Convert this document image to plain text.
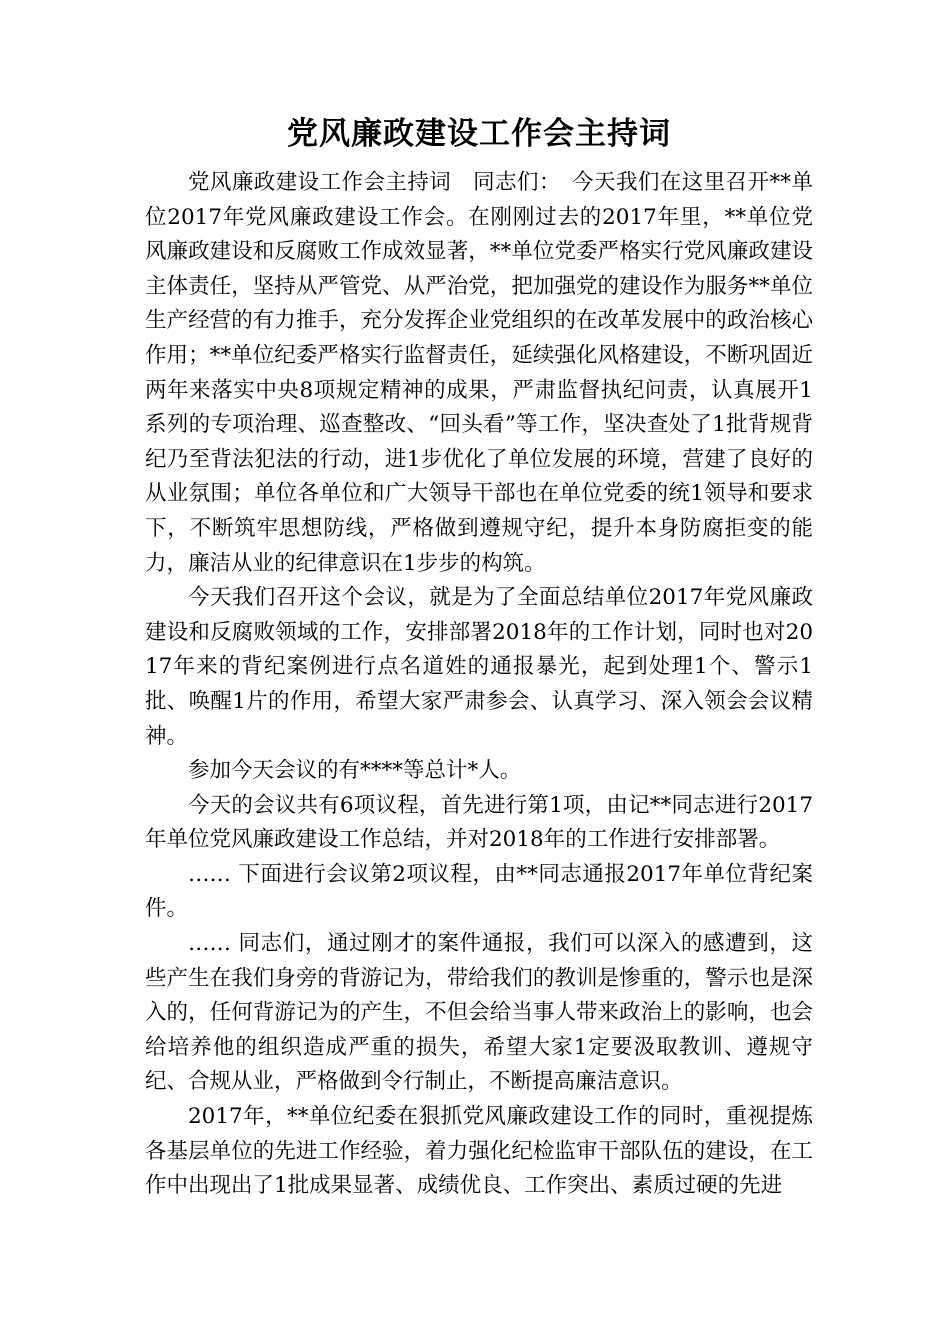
党风廉政建设工作会主持词

党风廉政建设工作会主持词　同志们：　今天我们在这里召开**单位2017年党风廉政建设工作会。在刚刚过去的2017年里，**单位党风廉政建设和反腐败工作成效显著，**单位党委严格实行党风廉政建设主体责任，坚持从严管党、从严治党，把加强党的建设作为服务**单位生产经营的有力推手，充分发挥企业党组织的在改革发展中的政治核心作用；**单位纪委严格实行监督责任，延续强化风格建设，不断巩固近两年来落实中央8项规定精神的成果，严肃监督执纪问责，认真展开1系列的专项治理、巡查整改、“回头看”等工作，坚决查处了1批背规背纪乃至背法犯法的行动，进1步优化了单位发展的环境，营建了良好的从业氛围；单位各单位和广大领导干部也在单位党委的统1领导和要求下，不断筑牢思想防线，严格做到遵规守纪，提升本身防腐拒变的能力，廉洁从业的纪律意识在1步步的构筑。

今天我们召开这个会议，就是为了全面总结单位2017年党风廉政建设和反腐败领域的工作，安排部署2018年的工作计划，同时也对2017年来的背纪案例进行点名道姓的通报暴光，起到处理1个、警示1批、唤醒1片的作用，希望大家严肃参会、认真学习、深入领会会议精神。

参加今天会议的有****等总计*人。

今天的会议共有6项议程，首先进行第1项，由记**同志进行2017年单位党风廉政建设工作总结，并对2018年的工作进行安排部署。

…… 下面进行会议第2项议程，由**同志通报2017年单位背纪案件。

…… 同志们，通过刚才的案件通报，我们可以深入的感遭到，这些产生在我们身旁的背游记为，带给我们的教训是惨重的，警示也是深入的，任何背游记为的产生，不但会给当事人带来政治上的影响，也会给培养他的组织造成严重的损失，希望大家1定要汲取教训、遵规守纪、合规从业，严格做到令行制止，不断提高廉洁意识。

2017年，**单位纪委在狠抓党风廉政建设工作的同时，重视提炼各基层单位的先进工作经验，着力强化纪检监审干部队伍的建设，在工作中出现出了1批成果显著、成绩优良、工作突出、素质过硬的先进
